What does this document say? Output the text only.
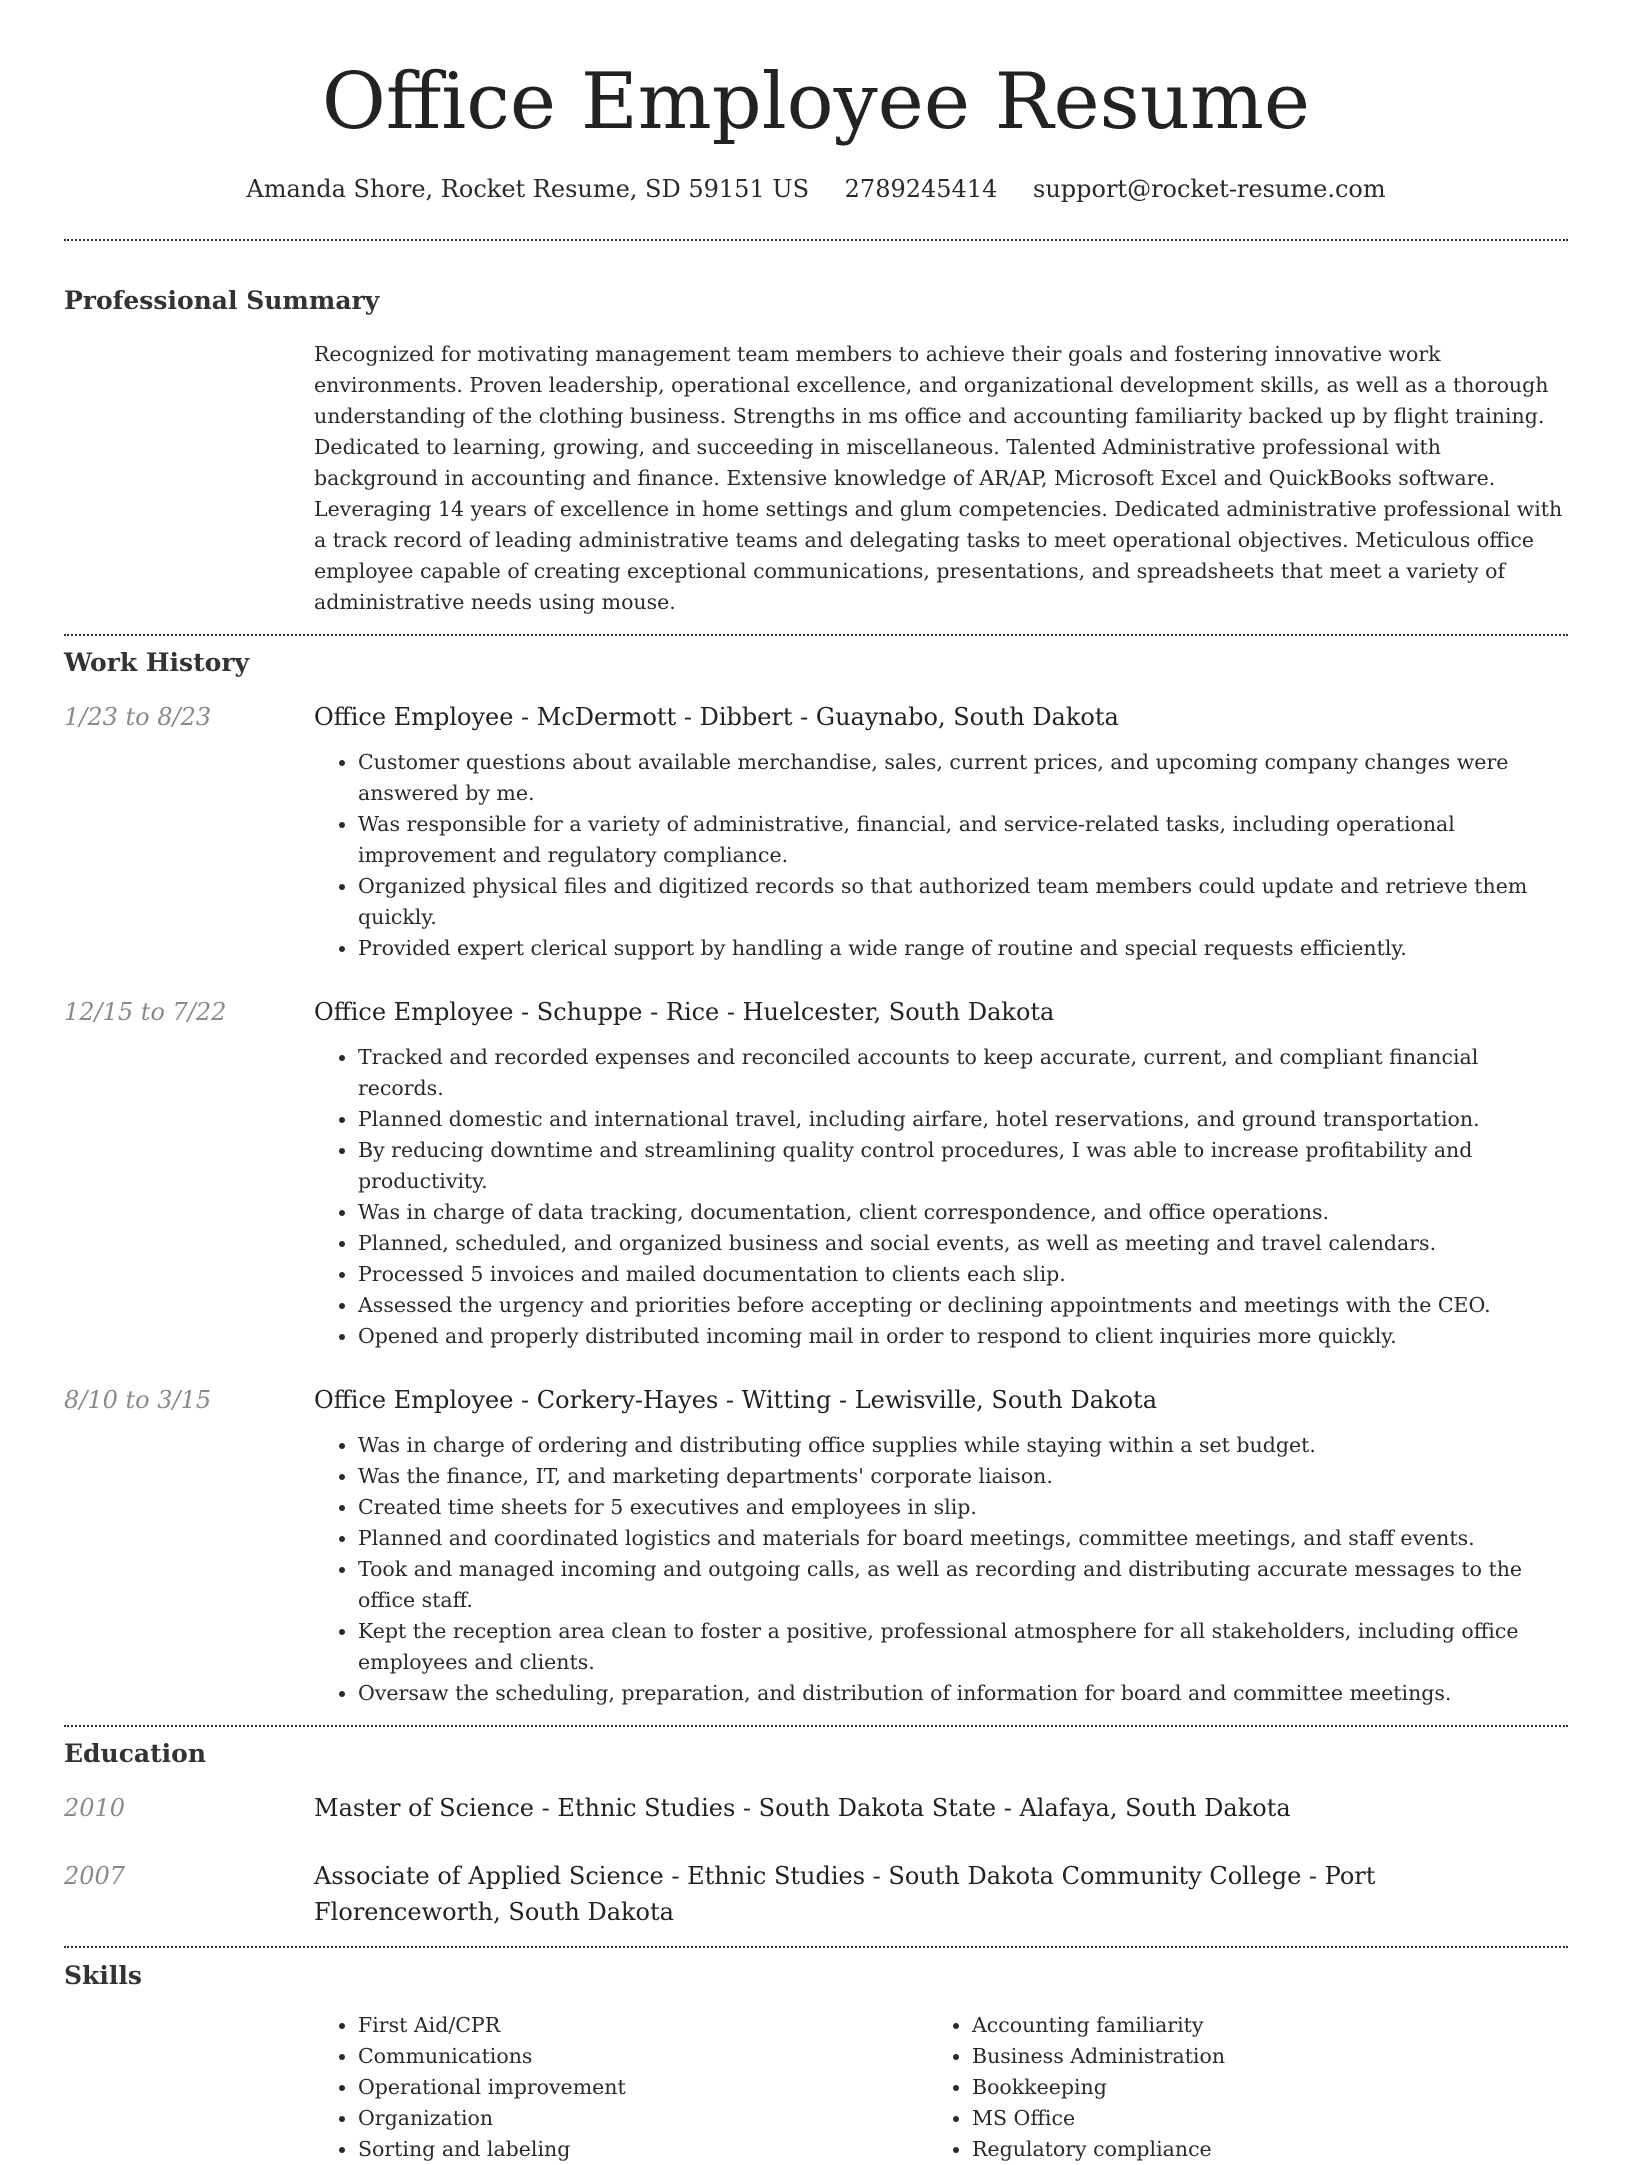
Office Employee Resume
Amanda Shore, Rocket Resume, SD 59151 US 2789245414 support@rocket-resume.com
Professional Summary

Recognized for motivating management team members to achieve their goals and fostering innovative work environments. Proven leadership, operational excellence, and organizational development skills, as well as a thorough understanding of the clothing business. Strengths in ms office and accounting familiarity backed up by flight training. Dedicated to learning, growing, and succeeding in miscellaneous. Talented Administrative professional with background in accounting and finance. Extensive knowledge of AR/AP, Microsoft Excel and QuickBooks software. Leveraging 14 years of excellence in home settings and glum competencies. Dedicated administrative professional with a track record of leading administrative teams and delegating tasks to meet operational objectives. Meticulous office employee capable of creating exceptional communications, presentations, and spreadsheets that meet a variety of administrative needs using mouse.

Work History
1/23 to 8/23	Office Employee - McDermott - Dibbert - Guaynabo, South Dakota
• Customer questions about available merchandise, sales, current prices, and upcoming company changes were answered by me.
• Was responsible for a variety of administrative, financial, and service-related tasks, including operational improvement and regulatory compliance.
• Organized physical files and digitized records so that authorized team members could update and retrieve them quickly.
• Provided expert clerical support by handling a wide range of routine and special requests efficiently.
12/15 to 7/22	Office Employee - Schuppe - Rice - Huelcester, South Dakota
• Tracked and recorded expenses and reconciled accounts to keep accurate, current, and compliant financial records.
• Planned domestic and international travel, including airfare, hotel reservations, and ground transportation.
• By reducing downtime and streamlining quality control procedures, I was able to increase profitability and productivity.
• Was in charge of data tracking, documentation, client correspondence, and office operations.
• Planned, scheduled, and organized business and social events, as well as meeting and travel calendars.
• Processed 5 invoices and mailed documentation to clients each slip.
• Assessed the urgency and priorities before accepting or declining appointments and meetings with the CEO.
• Opened and properly distributed incoming mail in order to respond to client inquiries more quickly.
8/10 to 3/15	Office Employee - Corkery-Hayes - Witting - Lewisville, South Dakota
• Was in charge of ordering and distributing office supplies while staying within a set budget.
• Was the finance, IT, and marketing departments' corporate liaison.
• Created time sheets for 5 executives and employees in slip.
• Planned and coordinated logistics and materials for board meetings, committee meetings, and staff events.
• Took and managed incoming and outgoing calls, as well as recording and distributing accurate messages to the office staff.
• Kept the reception area clean to foster a positive, professional atmosphere for all stakeholders, including office employees and clients.
• Oversaw the scheduling, preparation, and distribution of information for board and committee meetings.
Education
2010	Master of Science - Ethnic Studies - South Dakota State - Alafaya, South Dakota
2007	Associate of Applied Science - Ethnic Studies - South Dakota Community College - Port Florenceworth, South Dakota
Skills
• First Aid/CPR
• Communications
• Operational improvement
• Organization
• Sorting and labeling
• Accounting familiarity
• Business Administration
• Bookkeeping
• MS Office
• Regulatory compliance
